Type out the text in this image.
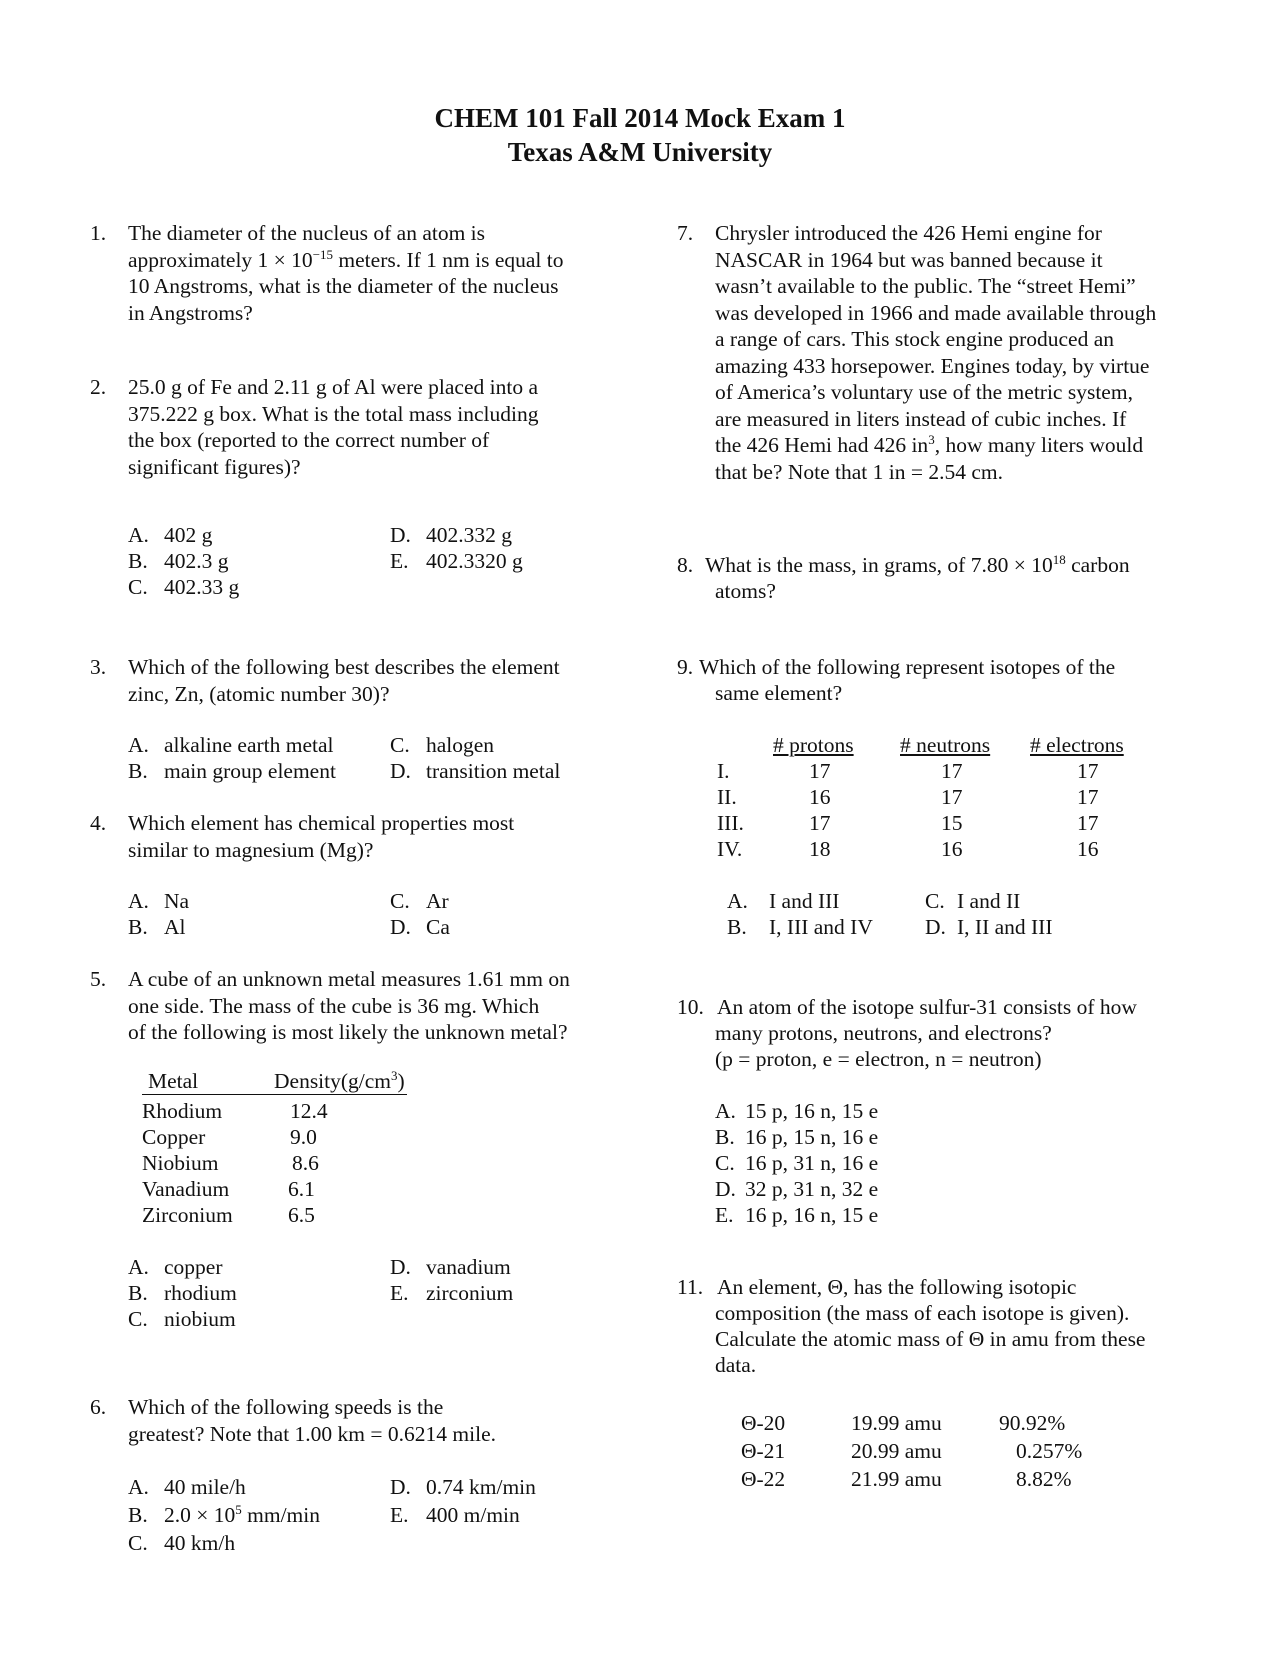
CHEM 101 Fall 2014 Mock Exam 1
Texas A&M University
1. The diameter of the nucleus of an atom is
approximately $1 \times 10^{-15}$ meters. If 1 nm is equal to
10 Angstroms, what is the diameter of the nucleus
in Angstroms?
2. 25.0 g of Fe and 2.11 g of Al were placed into a
375.222 g box. What is the total mass including
the box (reported to the correct number of
significant figures)?
A. 402 g
B. 402.3 g
C. 402.33 g
D. 402.332 g
E. 402.3320 g
3. Which of the following best describes the element
zinc, Zn, (atomic number 30)?
A. alkaline earth metal
B. main group element
C. halogen
D. transition metal
4. Which element has chemical properties most
similar to magnesium (Mg)?
A. Na
B. Al
C. Ar
D. Ca
5. A cube of an unknown metal measures 1.61 mm on
one side. The mass of the cube is 36 mg. Which
of the following is most likely the unknown metal?
Metal	$Density(g/cm^3)$
Rhodium	12.4
Copper	9.0
Niobium	8.6
Vanadium	6.1
Zirconium	6.5
A. copper
B. rhodium
C. niobium
D. vanadium
E. zirconium
6. Which of the following speeds is the
greatest? Note that 1.00 km = 0.6214 mile.
A. 40 mile/h
B. $2.0 \times 10^5$ mm/min
C. 40 km/h
D. 0.74 km/min
E. 400 m/min
7. Chrysler introduced the 426 Hemi engine for
NASCAR in 1964 but was banned because it
wasn’t available to the public. The “street Hemi”
was developed in 1966 and made available through
a range of cars. This stock engine produced an
amazing 433 horsepower. Engines today, by virtue
of America’s voluntary use of the metric system,
are measured in liters instead of cubic inches. If
the 426 Hemi had 426 $in^3$, how many liters would
that be? Note that 1 in = 2.54 cm.
8. What is the mass, in grams, of $7.80 \times 10^{18}$ carbon
atoms?
9. Which of the following represent isotopes of the
same element?
# protons # neutrons # electrons
I.	17	17	17
II.	16	17	17
III.	17	15	17
IV.	18	16	16
A. I and III
B. I, III and IV
C. I and II
D. I, II and III
10. An atom of the isotope sulfur-31 consists of how
many protons, neutrons, and electrons?
(p = proton, e = electron, n = neutron)
A. 15 p, 16 n, 15 e
B. 16 p, 15 n, 16 e
C. 16 p, 31 n, 16 e
D. 32 p, 31 n, 32 e
E. 16 p, 16 n, 15 e
11. An element, Θ, has the following isotopic
composition (the mass of each isotope is given).
Calculate the atomic mass of Θ in amu from these
data.
Θ-20	19.99 amu	90.92%
Θ-21	20.99 amu	0.257%
Θ-22	21.99 amu	8.82%
